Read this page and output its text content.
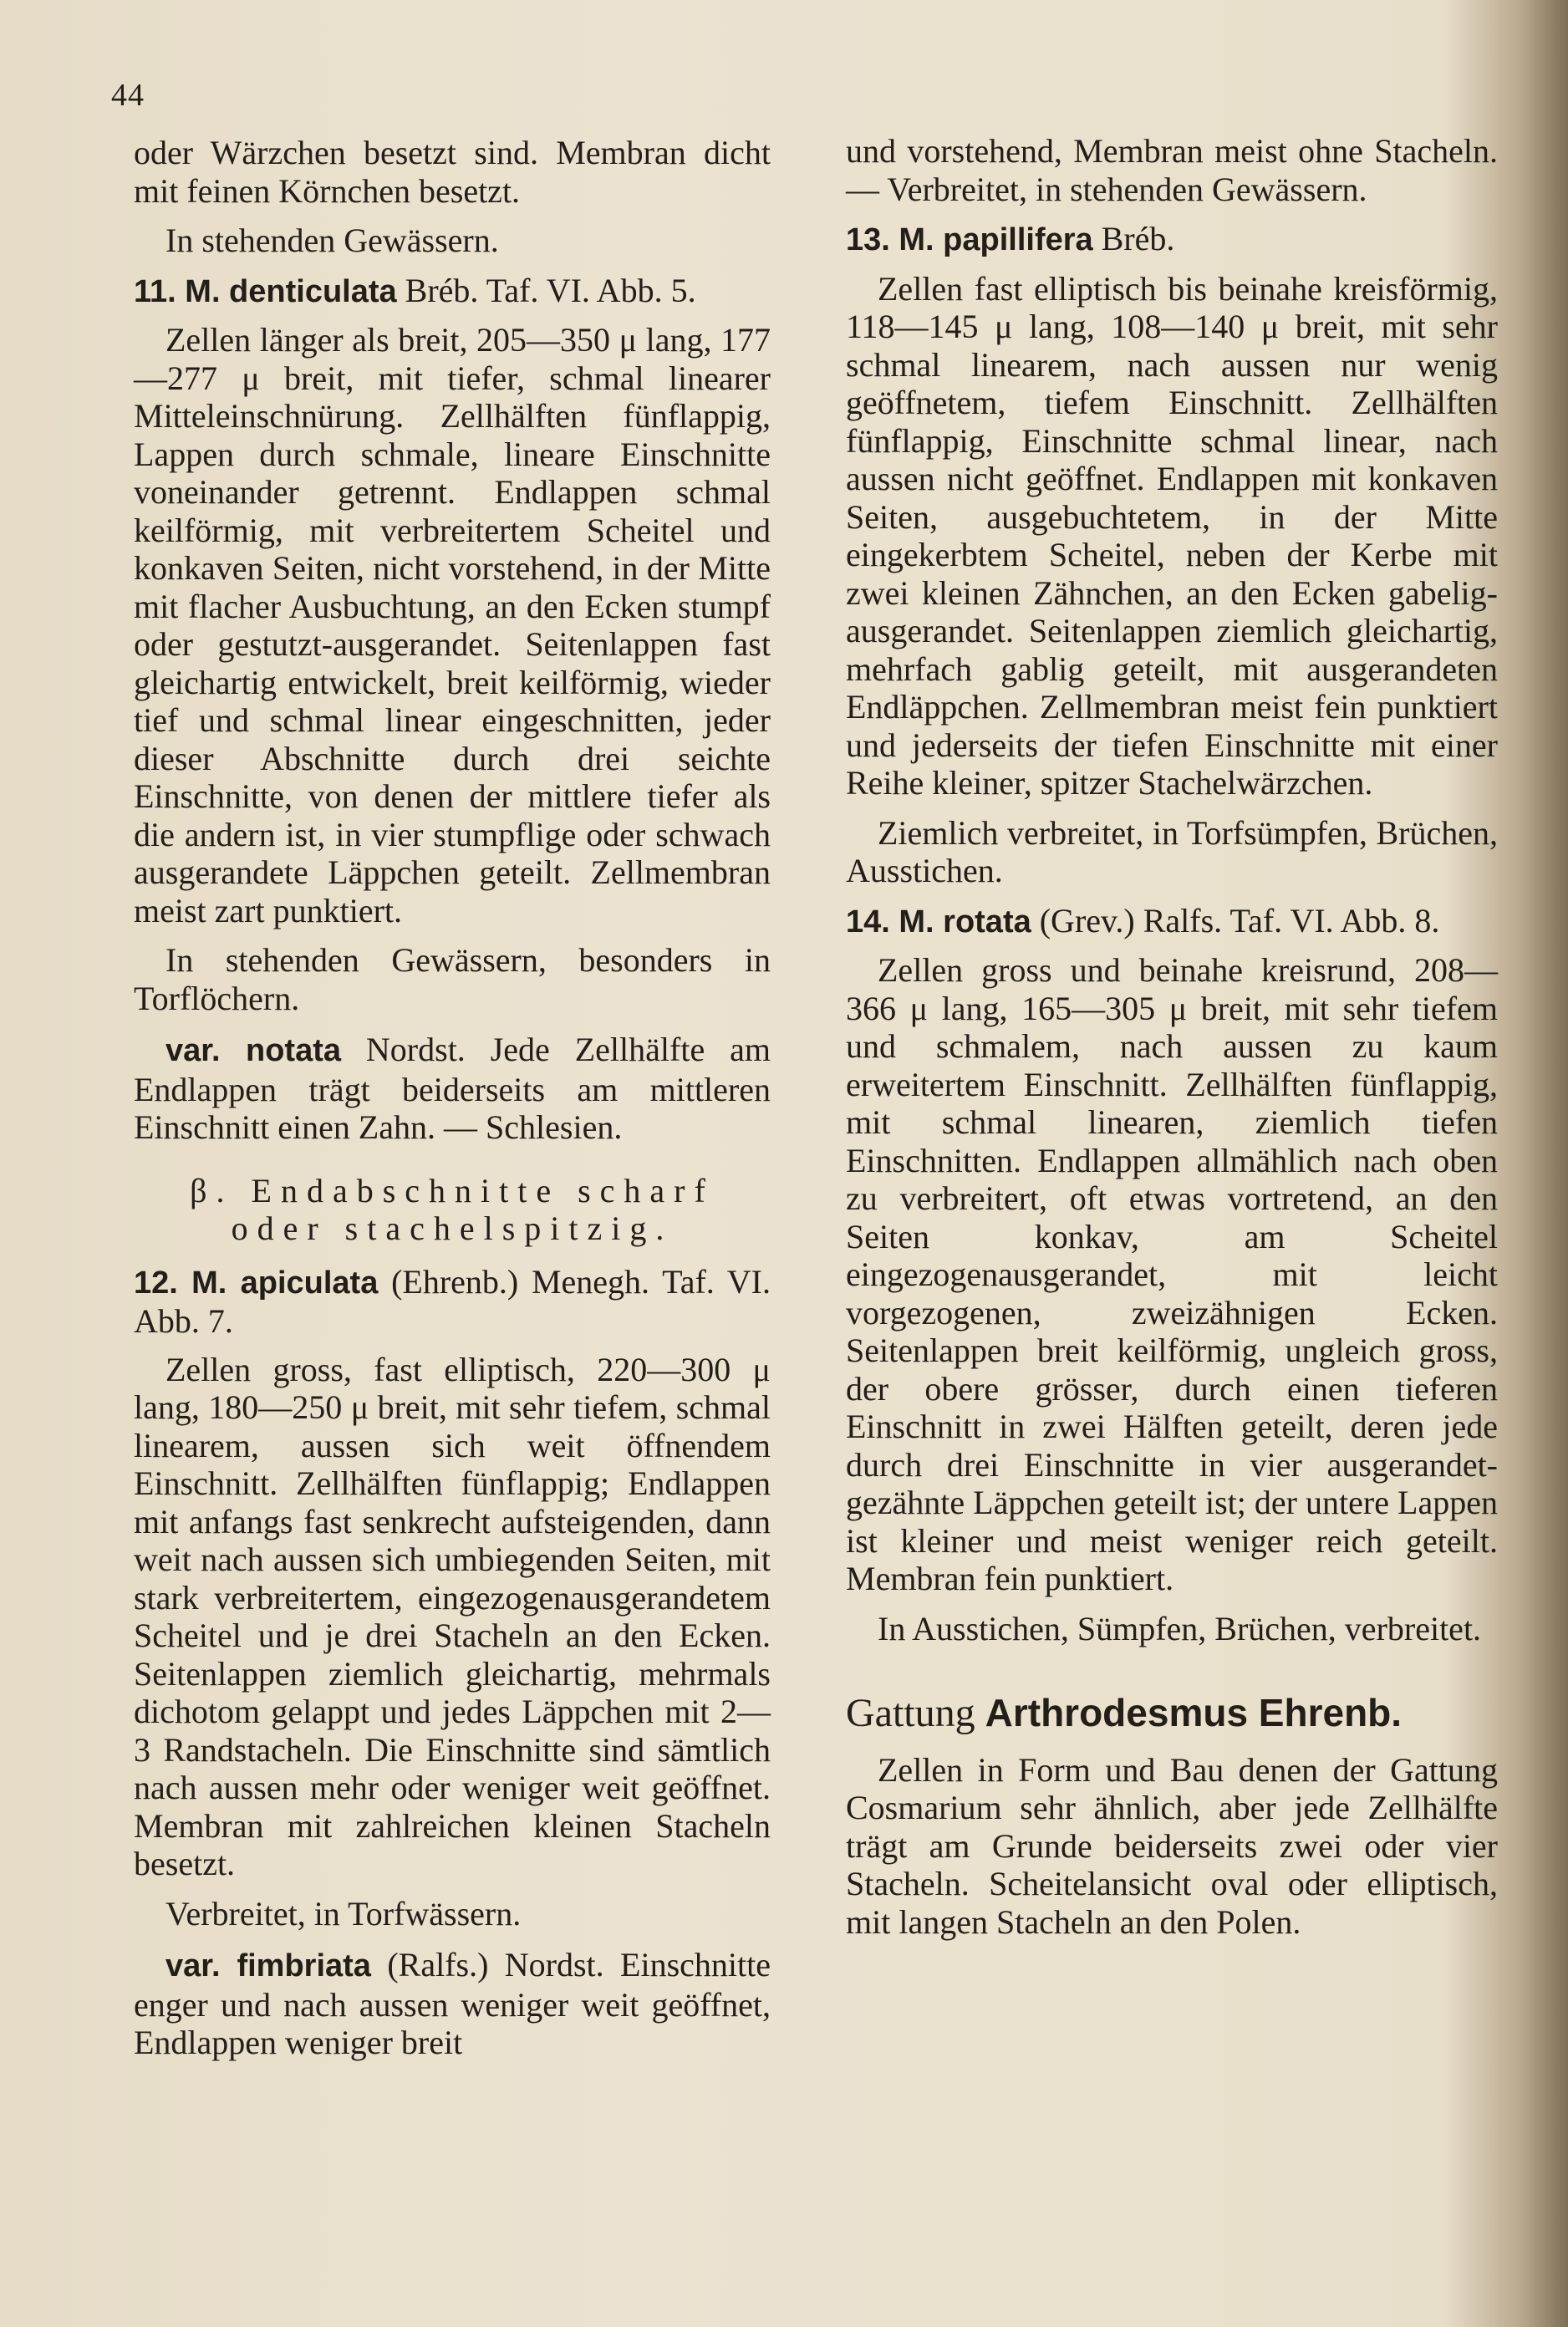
44

oder Wärzchen besetzt sind. Membran dicht mit feinen Körnchen besetzt.

In stehenden Gewässern.

11. M. denticulata Bréb. Taf. VI. Abb. 5.

Zellen länger als breit, 205—350 μ lang, 177—277 μ breit, mit tiefer, schmal linearer Mitteleinschnürung. Zellhälften fünflappig, Lappen durch schmale, lineare Einschnitte voneinander getrennt. Endlappen schmal keilförmig, mit verbreitertem Scheitel und konkaven Seiten, nicht vorstehend, in der Mitte mit flacher Ausbuchtung, an den Ecken stumpf oder gestutzt-ausgerandet. Seitenlappen fast gleichartig entwickelt, breit keilförmig, wieder tief und schmal linear eingeschnitten, jeder dieser Abschnitte durch drei seichte Einschnitte, von denen der mittlere tiefer als die andern ist, in vier stumpflige oder schwach ausgerandete Läppchen geteilt. Zellmembran meist zart punktiert.

In stehenden Gewässern, besonders in Torflöchern.

var. notata Nordst. Jede Zellhälfte am Endlappen trägt beiderseits am mittleren Einschnitt einen Zahn. — Schlesien.

β. Endabschnitte scharf oder stachelspitzig.

12. M. apiculata (Ehrenb.) Menegh. Taf. VI. Abb. 7.

Zellen gross, fast elliptisch, 220—300 μ lang, 180—250 μ breit, mit sehr tiefem, schmal linearem, aussen sich weit öffnendem Einschnitt. Zellhälften fünflappig; Endlappen mit anfangs fast senkrecht aufsteigenden, dann weit nach aussen sich umbiegenden Seiten, mit stark verbreitertem, eingezogenausgerandetem Scheitel und je drei Stacheln an den Ecken. Seitenlappen ziemlich gleichartig, mehrmals dichotom gelappt und jedes Läppchen mit 2—3 Randstacheln. Die Einschnitte sind sämtlich nach aussen mehr oder weniger weit geöffnet. Membran mit zahlreichen kleinen Stacheln besetzt.

Verbreitet, in Torfwässern.

var. fimbriata (Ralfs.) Nordst. Einschnitte enger und nach aussen weniger weit geöffnet, Endlappen weniger breit

und vorstehend, Membran meist ohne Stacheln. — Verbreitet, in stehenden Gewässern.

13. M. papillifera Bréb.

Zellen fast elliptisch bis beinahe kreisförmig, 118—145 μ lang, 108—140 μ breit, mit sehr schmal linearem, nach aussen nur wenig geöffnetem, tiefem Einschnitt. Zellhälften fünflappig, Einschnitte schmal linear, nach aussen nicht geöffnet. Endlappen mit konkaven Seiten, ausgebuchtetem, in der Mitte eingekerbtem Scheitel, neben der Kerbe mit zwei kleinen Zähnchen, an den Ecken gabelig-ausgerandet. Seitenlappen ziemlich gleichartig, mehrfach gablig geteilt, mit ausgerandeten Endläppchen. Zellmembran meist fein punktiert und jederseits der tiefen Einschnitte mit einer Reihe kleiner, spitzer Stachelwärzchen.

Ziemlich verbreitet, in Torfsümpfen, Brüchen, Ausstichen.

14. M. rotata (Grev.) Ralfs. Taf. VI. Abb. 8.

Zellen gross und beinahe kreisrund, 208—366 μ lang, 165—305 μ breit, mit sehr tiefem und schmalem, nach aussen zu kaum erweitertem Einschnitt. Zellhälften fünflappig, mit schmal linearen, ziemlich tiefen Einschnitten. Endlappen allmählich nach oben zu verbreitert, oft etwas vortretend, an den Seiten konkav, am Scheitel eingezogenausgerandet, mit leicht vorgezogenen, zweizähnigen Ecken. Seitenlappen breit keilförmig, ungleich gross, der obere grösser, durch einen tieferen Einschnitt in zwei Hälften geteilt, deren jede durch drei Einschnitte in vier ausgerandet-gezähnte Läppchen geteilt ist; der untere Lappen ist kleiner und meist weniger reich geteilt. Membran fein punktiert.

In Ausstichen, Sümpfen, Brüchen, verbreitet.

Gattung Arthrodesmus Ehrenb.

Zellen in Form und Bau denen der Gattung Cosmarium sehr ähnlich, aber jede Zellhälfte trägt am Grunde beiderseits zwei oder vier Stacheln. Scheitelansicht oval oder elliptisch, mit langen Stacheln an den Polen.
